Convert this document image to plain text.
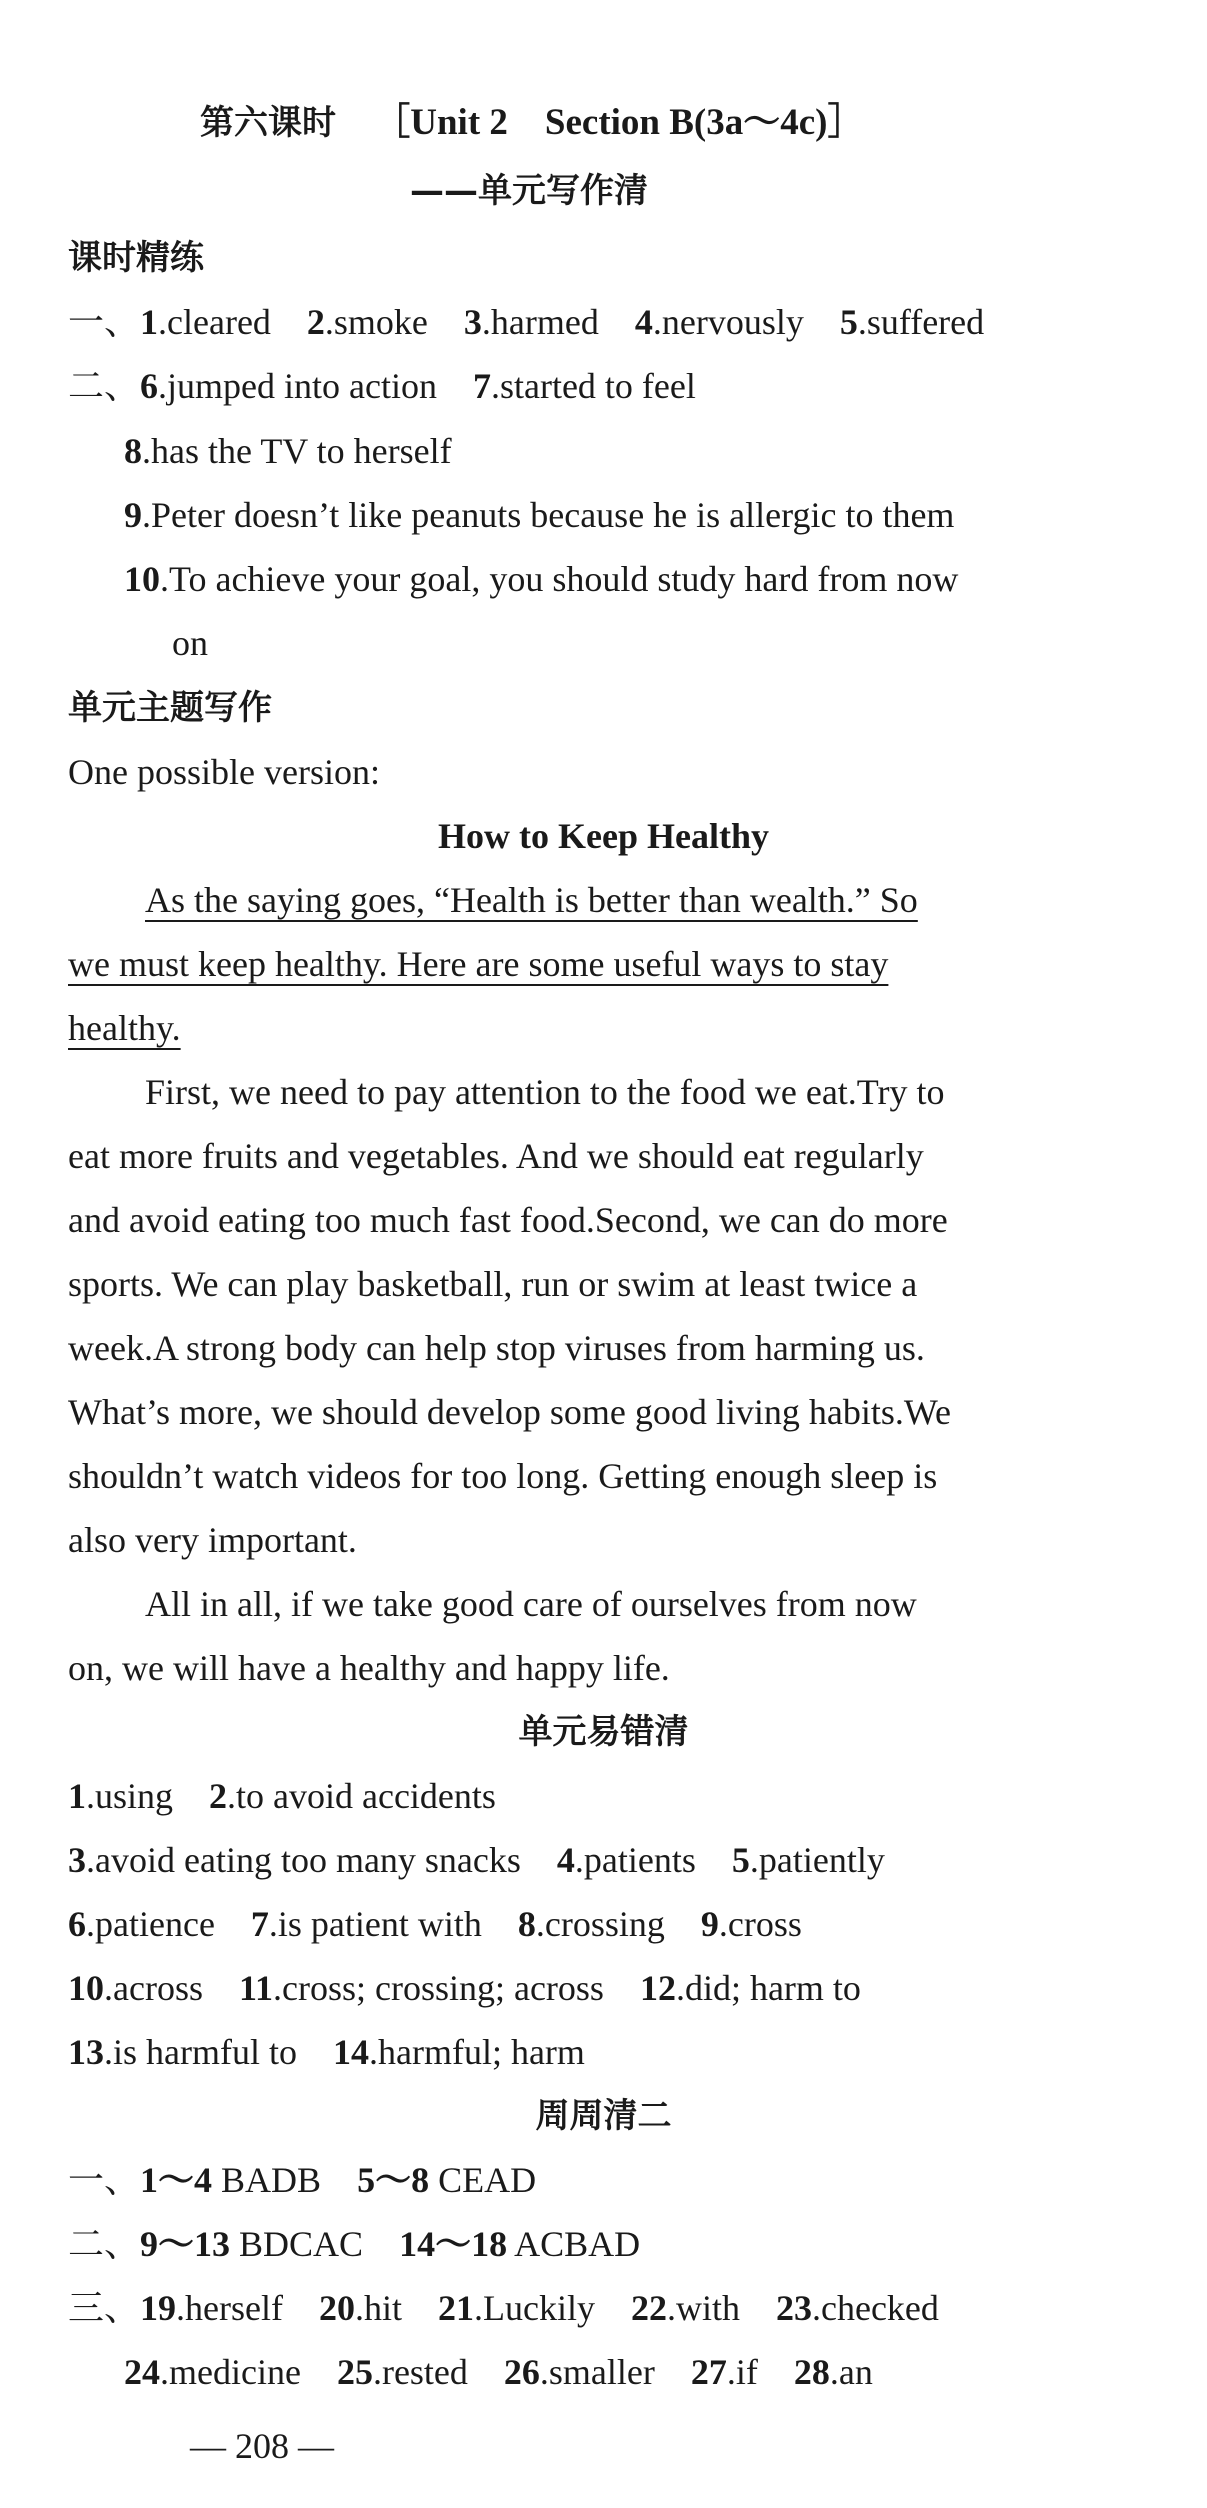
第六课时 ［Unit 2　Section B(3a～4c)］
——单元写作清
课时精练
一、1.cleared 2.smoke 3.harmed 4.nervously 5.suffered
二、6.jumped into action 7.started to feel
8.has the TV to herself
9.Peter doesn’t like peanuts because he is allergic to them
10.To achieve your goal, you should study hard from now
on
单元主题写作
One possible version:
How to Keep Healthy
As the saying goes, “Health is better than wealth.” So
we must keep healthy. Here are some useful ways to stay
healthy.
First, we need to pay attention to the food we eat.Try to
eat more fruits and vegetables. And we should eat regularly
and avoid eating too much fast food.Second, we can do more
sports. We can play basketball, run or swim at least twice a
week.A strong body can help stop viruses from harming us.
What’s more, we should develop some good living habits.We
shouldn’t watch videos for too long. Getting enough sleep is
also very important.
All in all, if we take good care of ourselves from now
on, we will have a healthy and happy life.
单元易错清
1.using 2.to avoid accidents
3.avoid eating too many snacks 4.patients 5.patiently
6.patience 7.is patient with 8.crossing 9.cross
10.across 11.cross; crossing; across 12.did; harm to
13.is harmful to 14.harmful; harm
周周清二
一、1～4 BADB 5～8 CEAD
二、9～13 BDCAC 14～18 ACBAD
三、19.herself 20.hit 21.Luckily 22.with 23.checked
24.medicine 25.rested 26.smaller 27.if 28.an
— 208 —
